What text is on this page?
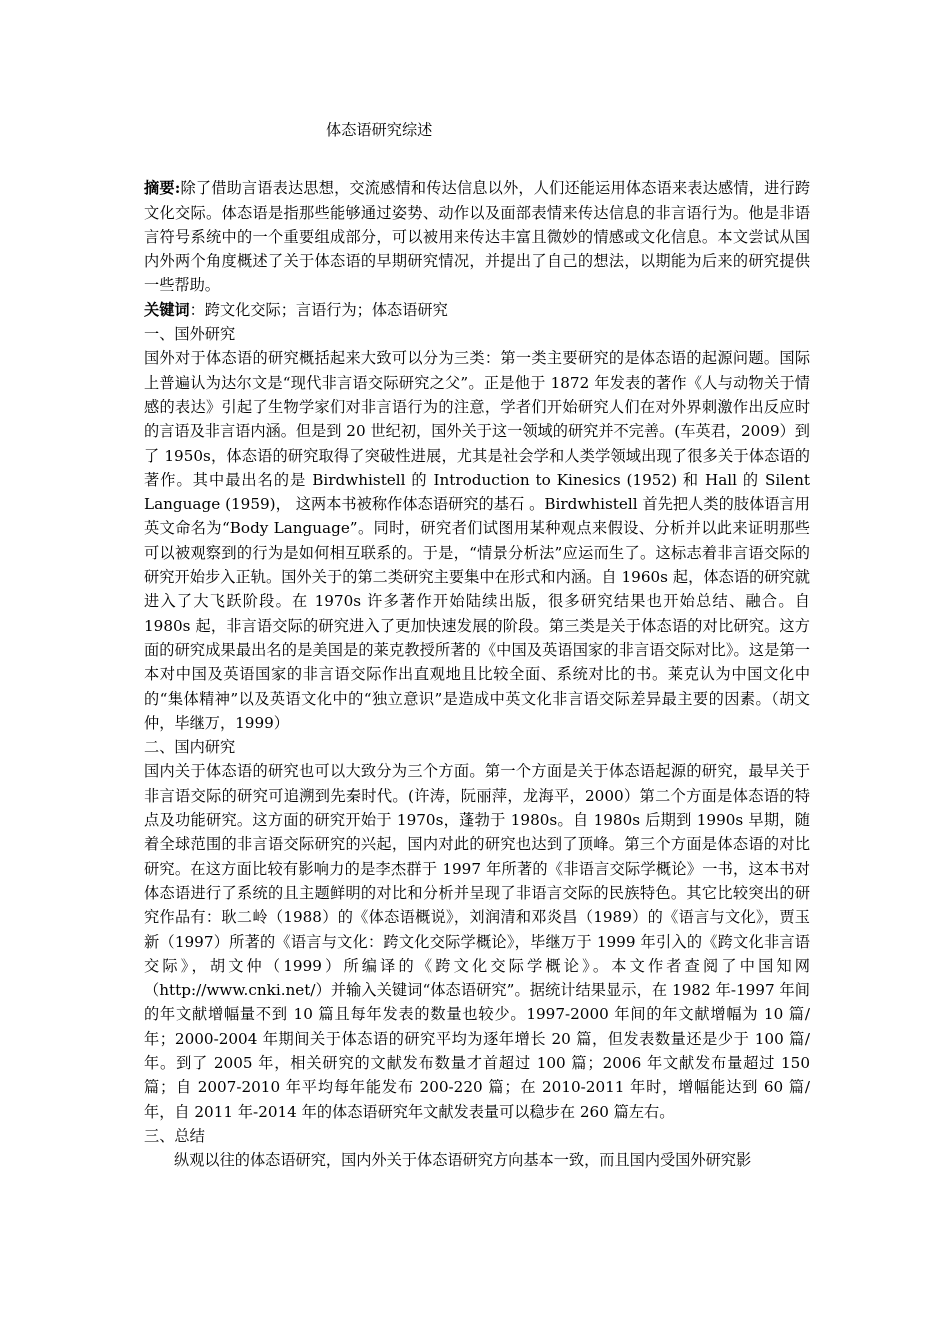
体态语研究综述

摘要:除了借助言语表达思想，交流感情和传达信息以外，人们还能运用体态语来表达感情，进行跨文化交际。体态语是指那些能够通过姿势、动作以及面部表情来传达信息的非言语行为。他是非语言符号系统中的一个重要组成部分，可以被用来传达丰富且微妙的情感或文化信息。本文尝试从国内外两个角度概述了关于体态语的早期研究情况，并提出了自己的想法，以期能为后来的研究提供一些帮助。

关键词：跨文化交际；言语行为；体态语研究

一、国外研究

国外对于体态语的研究概括起来大致可以分为三类：第一类主要研究的是体态语的起源问题。国际上普遍认为达尔文是“现代非言语交际研究之父”。正是他于 1872 年发表的著作《人与动物关于情感的表达》引起了生物学家们对非言语行为的注意，学者们开始研究人们在对外界刺激作出反应时的言语及非言语内涵。但是到 20 世纪初，国外关于这一领域的研究并不完善。(车英君，2009）到了 1950s，体态语的研究取得了突破性进展，尤其是社会学和人类学领域出现了很多关于体态语的著作。其中最出名的是 Birdwhistell 的 Introduction to Kinesics (1952) 和 Hall 的 Silent Language (1959)， 这两本书被称作体态语研究的基石 。Birdwhistell 首先把人类的肢体语言用英文命名为“Body Language”。同时，研究者们试图用某种观点来假设、分析并以此来证明那些可以被观察到的行为是如何相互联系的。于是，“情景分析法”应运而生了。这标志着非言语交际的研究开始步入正轨。国外关于的第二类研究主要集中在形式和内涵。自 1960s 起，体态语的研究就进入了大飞跃阶段。在 1970s 许多著作开始陆续出版，很多研究结果也开始总结、融合。自 1980s 起，非言语交际的研究进入了更加快速发展的阶段。第三类是关于体态语的对比研究。这方面的研究成果最出名的是美国是的莱克教授所著的《中国及英语国家的非言语交际对比》。这是第一本对中国及英语国家的非言语交际作出直观地且比较全面、系统对比的书。莱克认为中国文化中的“集体精神”以及英语文化中的“独立意识”是造成中英文化非言语交际差异最主要的因素。（胡文仲，毕继万，1999）

二、国内研究

国内关于体态语的研究也可以大致分为三个方面。第一个方面是关于体态语起源的研究，最早关于非言语交际的研究可追溯到先秦时代。(许涛，阮丽萍，龙海平，2000）第二个方面是体态语的特点及功能研究。这方面的研究开始于 1970s，蓬勃于 1980s。自 1980s 后期到 1990s 早期，随着全球范围的非言语交际研究的兴起，国内对此的研究也达到了顶峰。第三个方面是体态语的对比研究。在这方面比较有影响力的是李杰群于 1997 年所著的《非语言交际学概论》一书，这本书对体态语进行了系统的且主题鲜明的对比和分析并呈现了非语言交际的民族特色。其它比较突出的研究作品有：耿二岭（1988）的《体态语概说》，刘润清和邓炎昌（1989）的《语言与文化》，贾玉新（1997）所著的《语言与文化：跨文化交际学概论》，毕继万于 1999 年引入的《跨文化非言语交际》，胡文仲（1999）所编译的《跨文化交际学概论》。本文作者查阅了中国知网（http://www.cnki.net/）并输入关键词“体态语研究”。据统计结果显示，在 1982 年-1997 年间的年文献增幅量不到 10 篇且每年发表的数量也较少。1997-2000 年间的年文献增幅为 10 篇/年；2000-2004 年期间关于体态语的研究平均为逐年增长 20 篇，但发表数量还是少于 100 篇/年。到了 2005 年，相关研究的文献发布数量才首超过 100 篇；2006 年文献发布量超过 150 篇；自 2007-2010 年平均每年能发布 200-220 篇；在 2010-2011 年时，增幅能达到 60 篇/年，自 2011 年-2014 年的体态语研究年文献发表量可以稳步在 260 篇左右。

三、总结

纵观以往的体态语研究，国内外关于体态语研究方向基本一致，而且国内受国外研究影
